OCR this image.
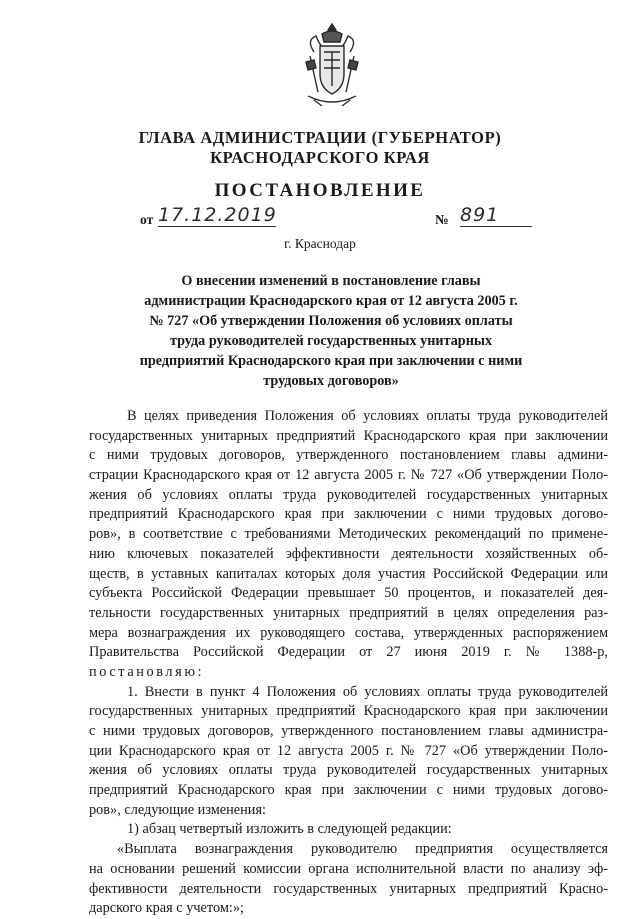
ГЛАВА АДМИНИСТРАЦИИ (ГУБЕРНАТОР)
КРАСНОДАРСКОГО КРАЯ
ПОСТАНОВЛЕНИЕ
от 17.12.2019	№ 891
г. Краснодар
О внесении изменений в постановление главы
администрации Краснодарского края от 12 августа 2005 г.
№ 727 «Об утверждении Положения об условиях оплаты
труда руководителей государственных унитарных
предприятий Краснодарского края при заключении с ними
трудовых договоров»
В целях приведения Положения об условиях оплаты труда руководителей
государственных унитарных предприятий Краснодарского края при заключении
с ними трудовых договоров, утвержденного постановлением главы админи-
страции Краснодарского края от 12 августа 2005 г. № 727 «Об утверждении Поло-
жения об условиях оплаты труда руководителей государственных унитарных
предприятий Краснодарского края при заключении с ними трудовых догово-
ров», в соответствие с требованиями Методических рекомендаций по примене-
нию ключевых показателей эффективности деятельности хозяйственных об-
ществ, в уставных капиталах которых доля участия Российской Федерации или
субъекта Российской Федерации превышает 50 процентов, и показателей дея-
тельности государственных унитарных предприятий в целях определения раз-
мера вознаграждения их руководящего состава, утвержденных распоряжением
Правительства Российской Федерации от 27 июня 2019 г. № 1388-р,
постановляю:
1. Внести в пункт 4 Положения об условиях оплаты труда руководителей
государственных унитарных предприятий Краснодарского края при заключении
с ними трудовых договоров, утвержденного постановлением главы администра-
ции Краснодарского края от 12 августа 2005 г. № 727 «Об утверждении Поло-
жения об условиях оплаты труда руководителей государственных унитарных
предприятий Краснодарского края при заключении с ними трудовых догово-
ров», следующие изменения:
1) абзац четвертый изложить в следующей редакции:
«Выплата вознаграждения руководителю предприятия осуществляется
на основании решений комиссии органа исполнительной власти по анализу эф-
фективности деятельности государственных унитарных предприятий Красно-
дарского края с учетом:»;
